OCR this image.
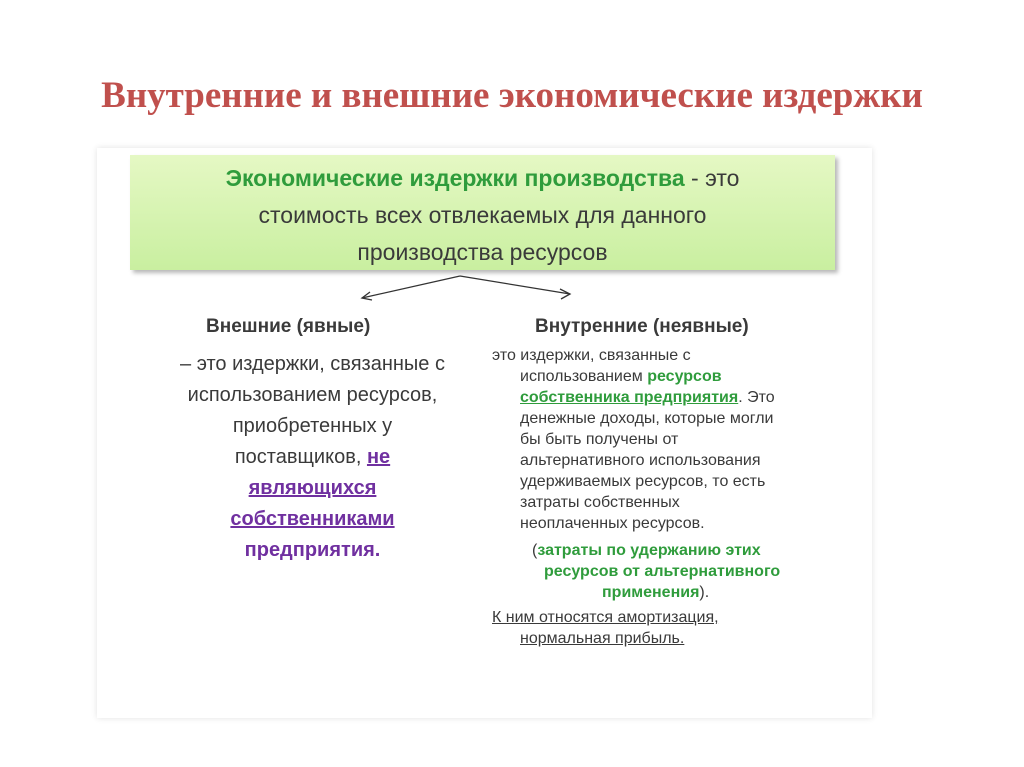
Внутренние и внешние экономические издержки
Экономические издержки производства - это
стоимость всех отвлекаемых для данного
производства ресурсов
Внешние (явные)	Внутренние (неявные)
– это издержки, связанные с
использованием ресурсов,
приобретенных у
поставщиков, не
являющихся
собственниками
предприятия.
это издержки, связанные с
использованием ресурсов
собственника предприятия. Это
денежные доходы, которые могли
бы быть получены от
альтернативного использования
удерживаемых ресурсов, то есть
затраты собственных
неоплаченных ресурсов.
(затраты по удержанию этих
ресурсов от альтернативного
применения).
К ним относятся амортизация,
нормальная прибыль.
